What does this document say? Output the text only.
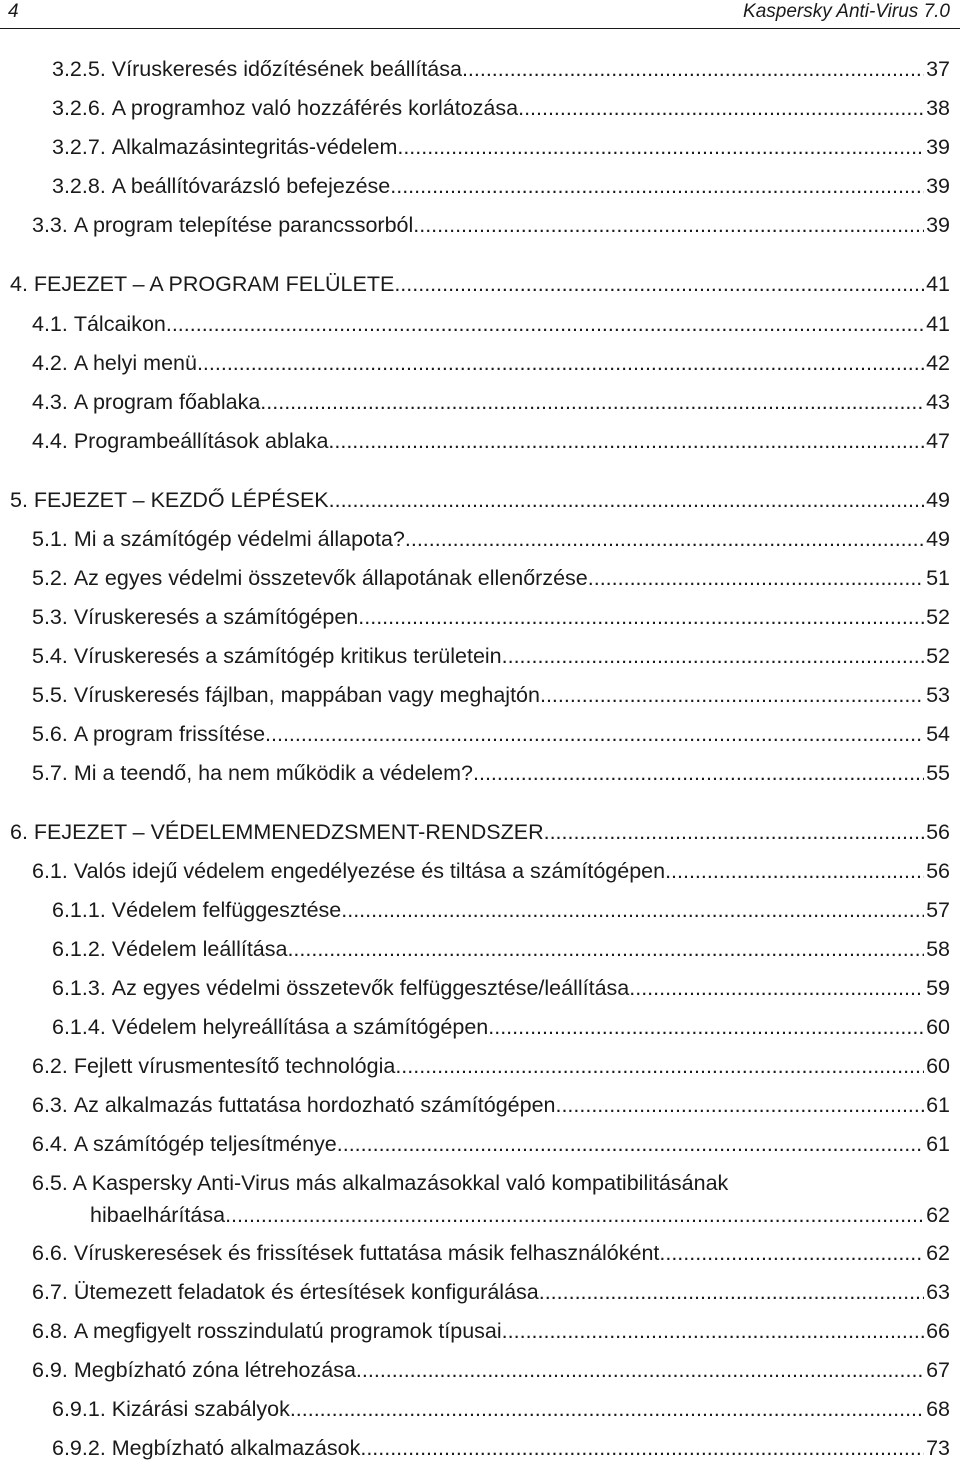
4	Kaspersky Anti-Virus 7.0
3.2.5. Víruskeresés időzítésének beállítása .....	37
3.2.6. A programhoz való hozzáférés korlátozása .....	38
3.2.7. Alkalmazásintegritás-védelem .....	39
3.2.8. A beállítóvarázsló befejezése .....	39
3.3. A program telepítése parancssorból .....	39
4. FEJEZET – A PROGRAM FELÜLETE .....	41
4.1. Tálcaikon .....	41
4.2. A helyi menü .....	42
4.3. A program főablaka .....	43
4.4. Programbeállítások ablaka .....	47
5. FEJEZET – KEZDŐ LÉPÉSEK .....	49
5.1. Mi a számítógép védelmi állapota? .....	49
5.2. Az egyes védelmi összetevők állapotának ellenőrzése .....	51
5.3. Víruskeresés a számítógépen .....	52
5.4. Víruskeresés a számítógép kritikus területein .....	52
5.5. Víruskeresés fájlban, mappában vagy meghajtón .....	53
5.6. A program frissítése .....	54
5.7. Mi a teendő, ha nem működik a védelem? .....	55
6. FEJEZET – VÉDELEMMENEDZSMENT-RENDSZER .....	56
6.1. Valós idejű védelem engedélyezése és tiltása a számítógépen .....	56
6.1.1. Védelem felfüggesztése .....	57
6.1.2. Védelem leállítása .....	58
6.1.3. Az egyes védelmi összetevők felfüggesztése/leállítása .....	59
6.1.4. Védelem helyreállítása a számítógépen .....	60
6.2. Fejlett vírusmentesítő technológia .....	60
6.3. Az alkalmazás futtatása hordozható számítógépen .....	61
6.4. A számítógép teljesítménye .....	61
6.5. A Kaspersky Anti-Virus más alkalmazásokkal való kompatibilitásának
hibaelhárítása .....	62
6.6. Víruskeresések és frissítések futtatása másik felhasználóként .....	62
6.7. Ütemezett feladatok és értesítések konfigurálása .....	63
6.8. A megfigyelt rosszindulatú programok típusai .....	66
6.9. Megbízható zóna létrehozása .....	67
6.9.1. Kizárási szabályok .....	68
6.9.2. Megbízható alkalmazások .....	73
